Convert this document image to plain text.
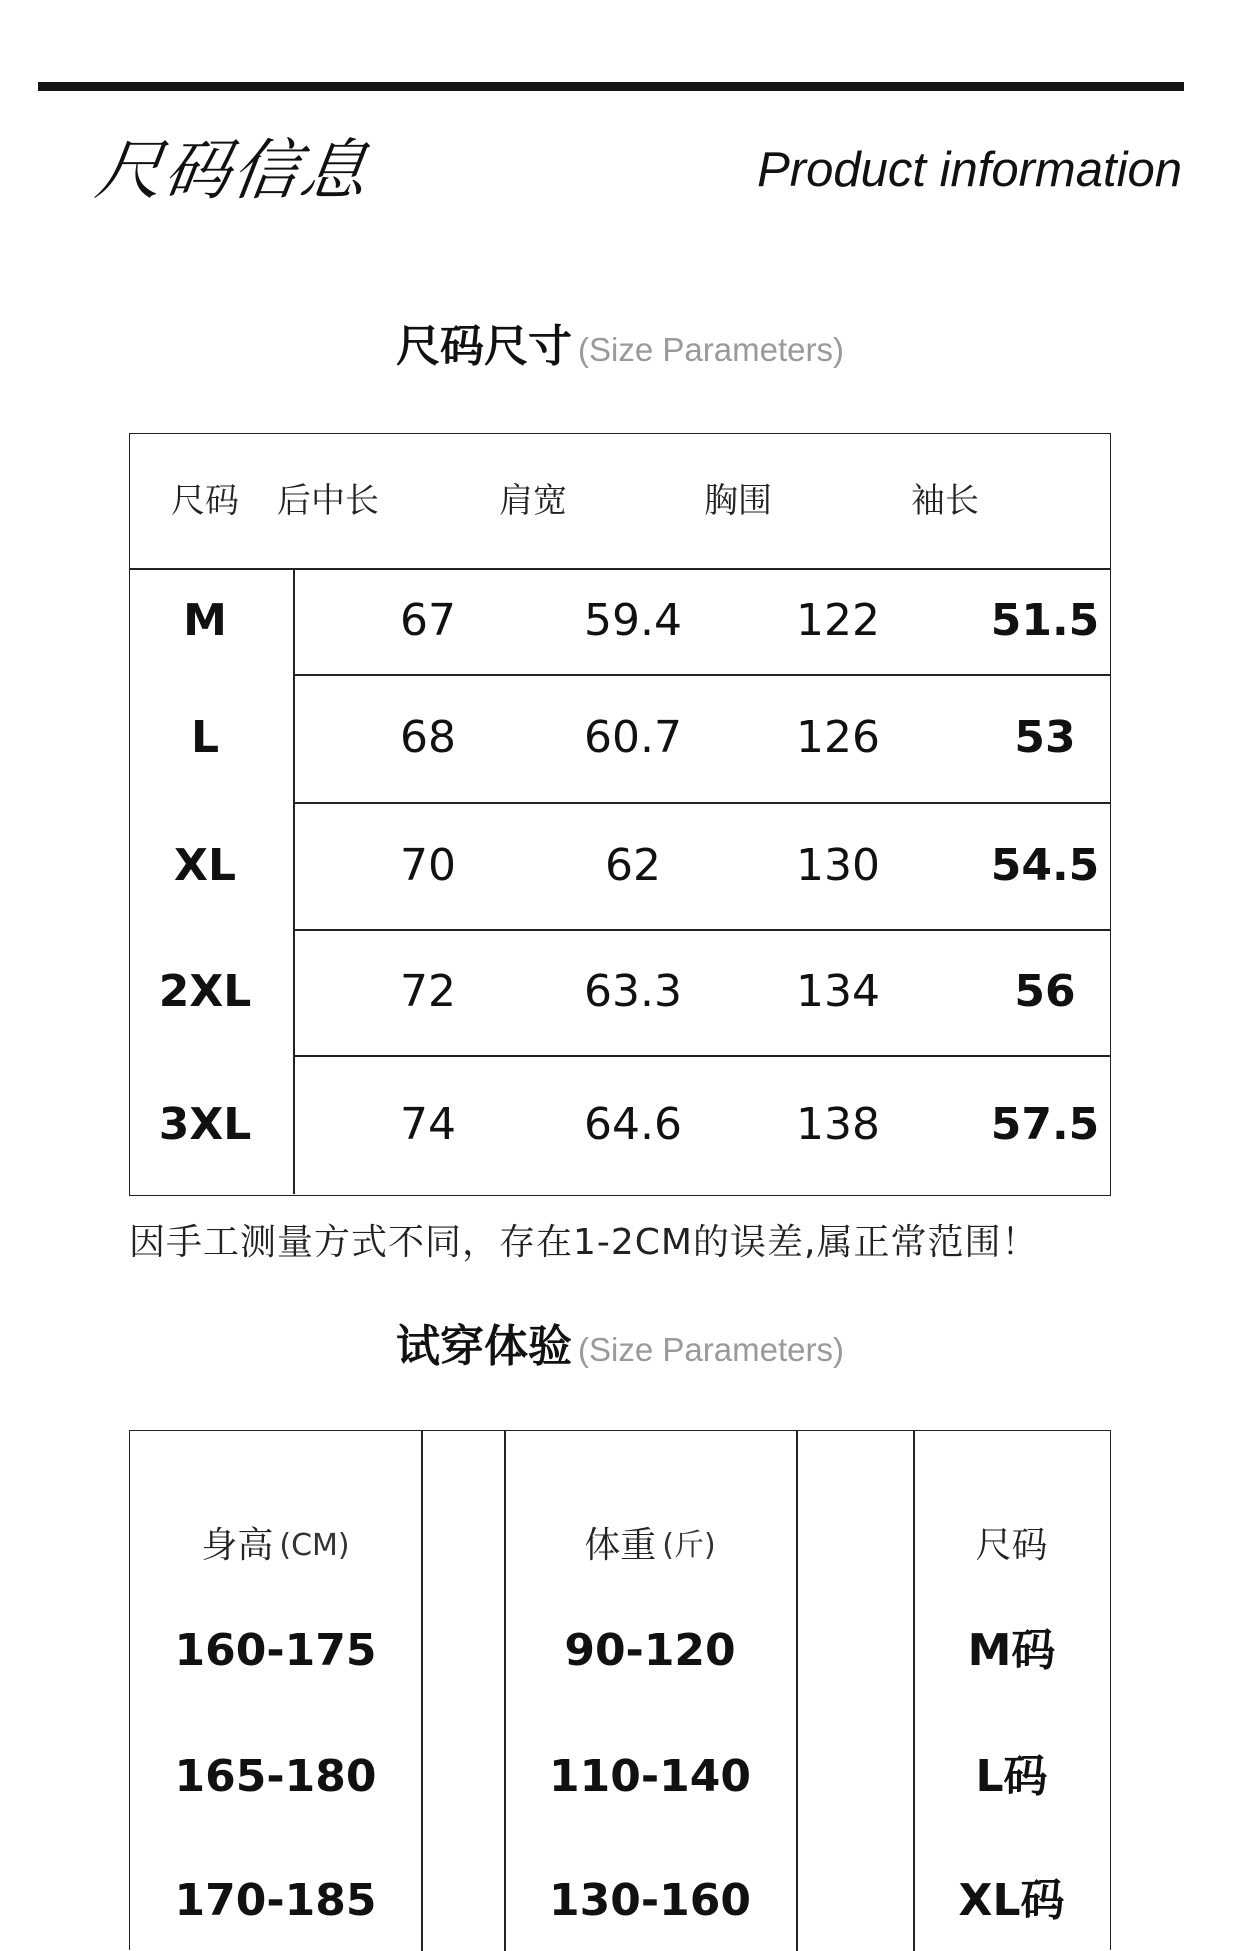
尺码信息	Product information
尺码尺寸 (Size Parameters)
尺码	后中长	肩宽	胸围	袖长
M	67	59.4	122	51.5
L	68	60.7	126	53
XL	70	62	130	54.5
2XL	72	63.3	134	56
3XL	74	64.6	138	57.5
因手工测量方式不同，存在1-2CM的误差,属正常范围！
试穿体验 (Size Parameters)
身高 (CM)	体重 (斤)	尺码
160-175	90-120	M码
165-180	110-140	L码
170-185	130-160	XL码
